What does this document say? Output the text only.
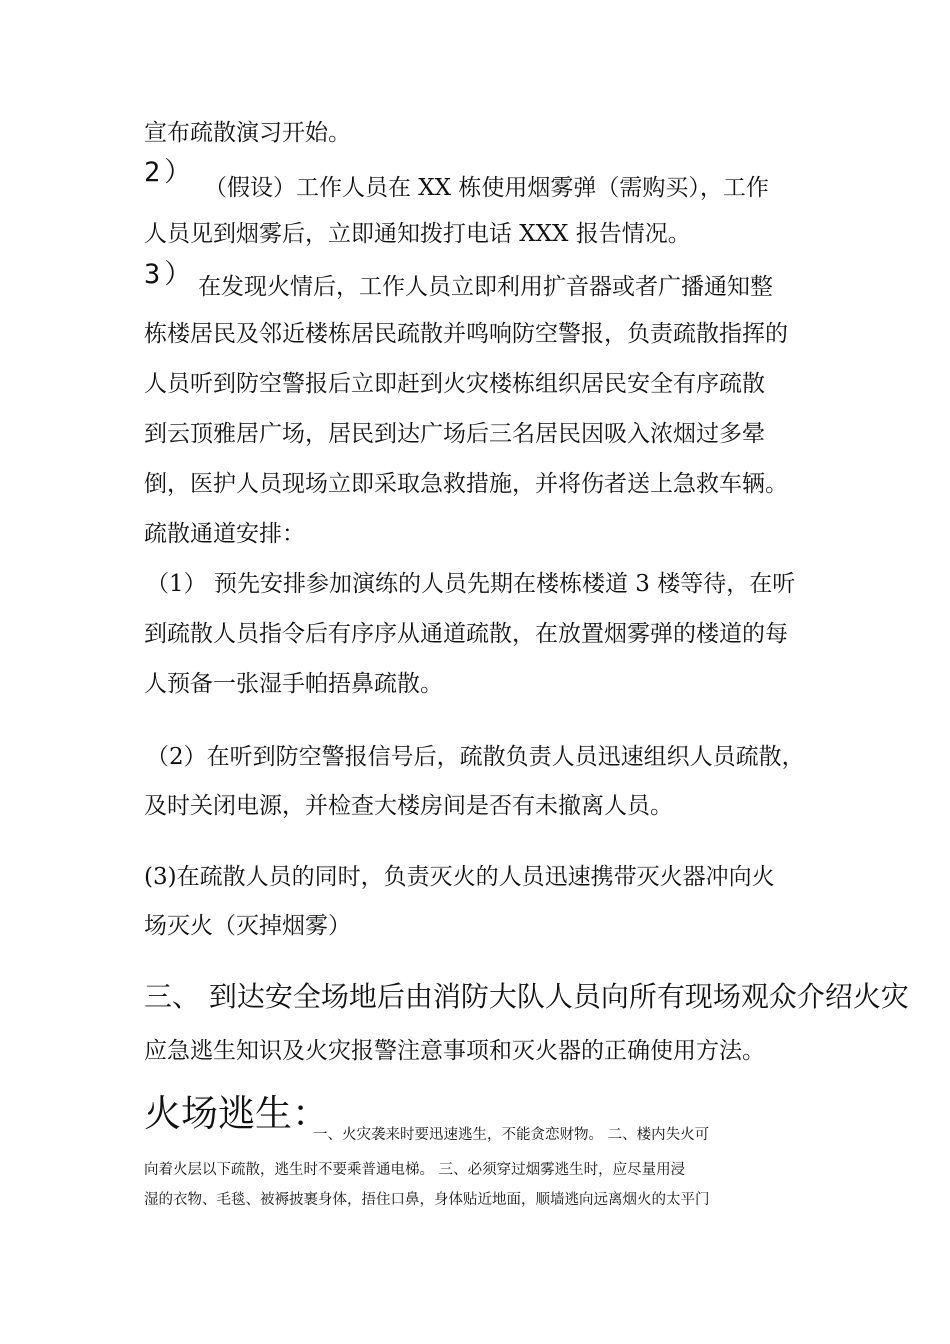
宣布疏散演习开始。
2） （假设）工作人员在 XX 栋使用烟雾弹（需购买），工作
人员见到烟雾后，立即通知拨打电话 XXX 报告情况。
3） 在发现火情后，工作人员立即利用扩音器或者广播通知整
栋楼居民及邻近楼栋居民疏散并鸣响防空警报，负责疏散指挥的
人员听到防空警报后立即赶到火灾楼栋组织居民安全有序疏散
到云顶雅居广场，居民到达广场后三名居民因吸入浓烟过多晕
倒，医护人员现场立即采取急救措施，并将伤者送上急救车辆。
疏散通道安排：
（1） 预先安排参加演练的人员先期在楼栋楼道 3 楼等待，在听
到疏散人员指令后有序序从通道疏散，在放置烟雾弹的楼道的每
人预备一张湿手帕捂鼻疏散。
（2）在听到防空警报信号后，疏散负责人员迅速组织人员疏散，
及时关闭电源，并检查大楼房间是否有未撤离人员。
(3)在疏散人员的同时，负责灭火的人员迅速携带灭火器冲向火
场灭火（灭掉烟雾）
三、 到达安全场地后由消防大队人员向所有现场观众介绍火灾
应急逃生知识及火灾报警注意事项和灭火器的正确使用方法。
火场逃生：
一、火灾袭来时要迅速逃生，不能贪恋财物。 二、楼内失火可
向着火层以下疏散，逃生时不要乘普通电梯。 三、必须穿过烟雾逃生时，应尽量用浸
湿的衣物、毛毯、被褥披裹身体，捂住口鼻，身体贴近地面，顺墙逃向远离烟火的太平门
